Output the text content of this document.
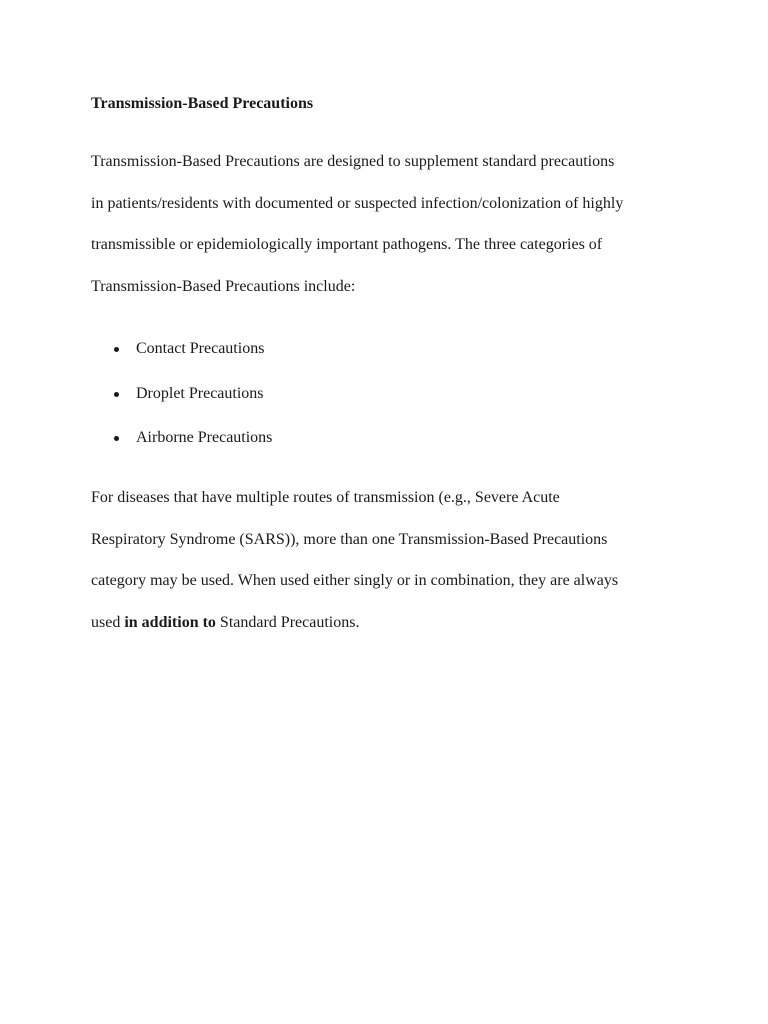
Transmission-Based Precautions

Transmission-Based Precautions are designed to supplement standard precautions
in patients/residents with documented or suspected infection/colonization of highly
transmissible or epidemiologically important pathogens. The three categories of
Transmission-Based Precautions include:

Contact Precautions
Droplet Precautions
Airborne Precautions

For diseases that have multiple routes of transmission (e.g., Severe Acute
Respiratory Syndrome (SARS)), more than one Transmission-Based Precautions
category may be used. When used either singly or in combination, they are always
used in addition to Standard Precautions.
